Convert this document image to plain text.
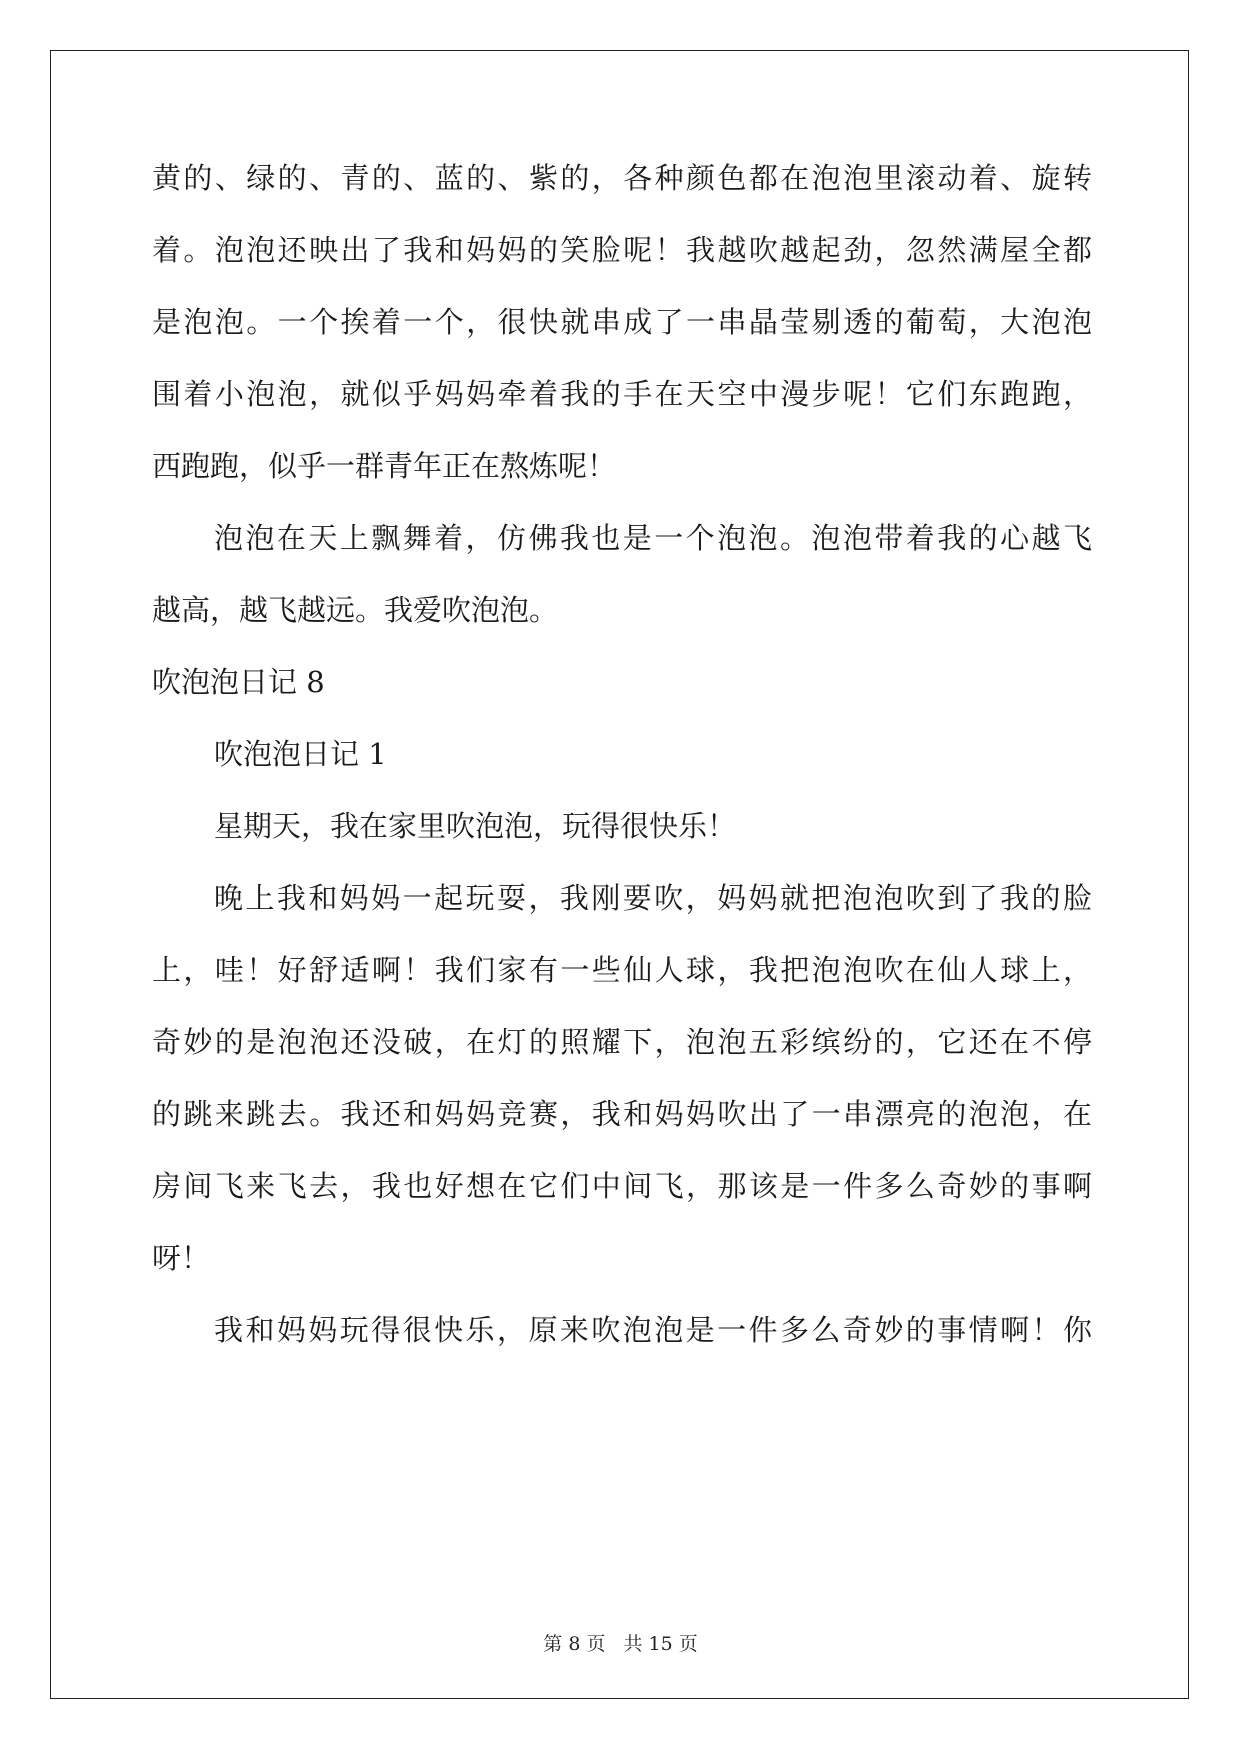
黄的、绿的、青的、蓝的、紫的，各种颜色都在泡泡里滚动着、旋转
着。泡泡还映出了我和妈妈的笑脸呢！我越吹越起劲，忽然满屋全都
是泡泡。一个挨着一个，很快就串成了一串晶莹剔透的葡萄，大泡泡
围着小泡泡，就似乎妈妈牵着我的手在天空中漫步呢！它们东跑跑，
西跑跑，似乎一群青年正在熬炼呢！
泡泡在天上飘舞着，仿佛我也是一个泡泡。泡泡带着我的心越飞
越高，越飞越远。我爱吹泡泡。
吹泡泡日记 8
吹泡泡日记 1
星期天，我在家里吹泡泡，玩得很快乐！
晚上我和妈妈一起玩耍，我刚要吹，妈妈就把泡泡吹到了我的脸
上，哇！好舒适啊！我们家有一些仙人球，我把泡泡吹在仙人球上，
奇妙的是泡泡还没破，在灯的照耀下，泡泡五彩缤纷的，它还在不停
的跳来跳去。我还和妈妈竞赛，我和妈妈吹出了一串漂亮的泡泡，在
房间飞来飞去，我也好想在它们中间飞，那该是一件多么奇妙的事啊
呀！
我和妈妈玩得很快乐，原来吹泡泡是一件多么奇妙的事情啊！你
第 8 页 共 15 页
